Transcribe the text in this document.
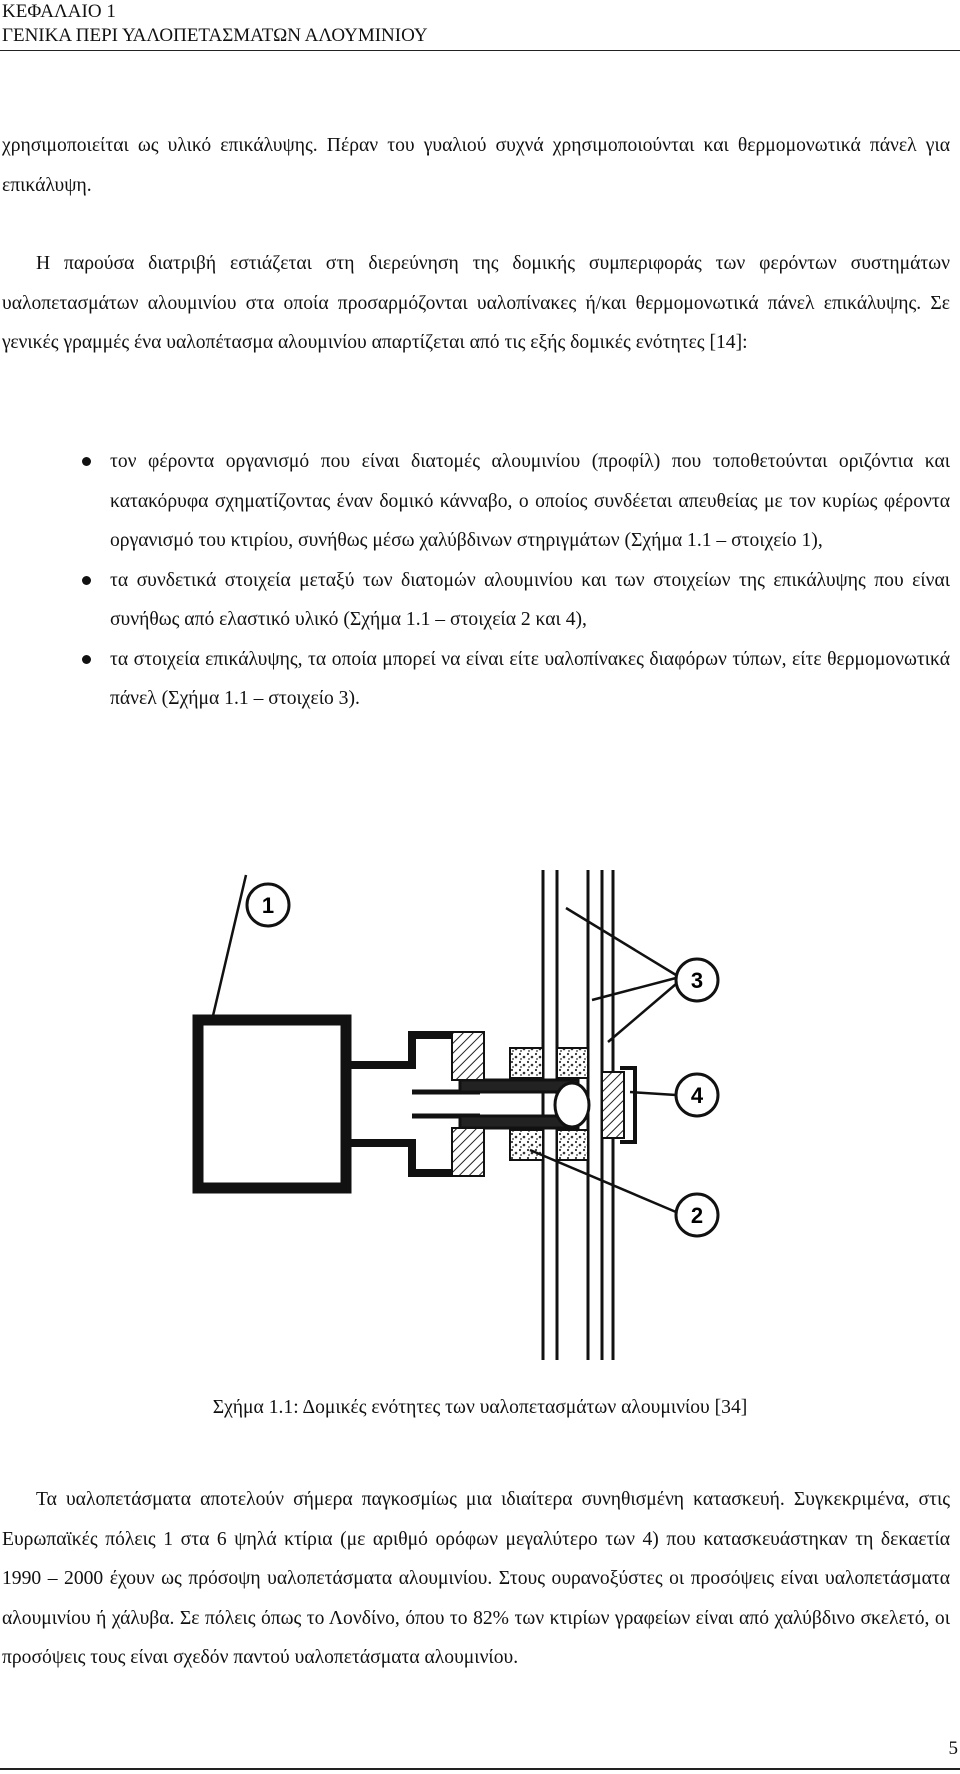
ΚΕΦΑΛΑΙΟ 1
ΓΕΝΙΚΑ ΠΕΡΙ ΥΑΛΟΠΕΤΑΣΜΑΤΩΝ ΑΛΟΥΜΙΝΙΟΥ

χρησιμοποιείται ως υλικό επικάλυψης. Πέραν του γυαλιού συχνά χρησιμοποιούνται και θερμομονωτικά πάνελ για επικάλυψη.

Η παρούσα διατριβή εστιάζεται στη διερεύνηση της δομικής συμπεριφοράς των φερόντων συστημάτων υαλοπετασμάτων αλουμινίου στα οποία προσαρμόζονται υαλοπίνακες ή/και θερμομονωτικά πάνελ επικάλυψης. Σε γενικές γραμμές ένα υαλοπέτασμα αλουμινίου απαρτίζεται από τις εξής δομικές ενότητες [14]:

τον φέροντα οργανισμό που είναι διατομές αλουμινίου (προφίλ) που τοποθετούνται οριζόντια και κατακόρυφα σχηματίζοντας έναν δομικό κάνναβο, ο οποίος συνδέεται απευθείας με τον κυρίως φέροντα οργανισμό του κτιρίου, συνήθως μέσω χαλύβδινων στηριγμάτων (Σχήμα 1.1 – στοιχείο 1),
τα συνδετικά στοιχεία μεταξύ των διατομών αλουμινίου και των στοιχείων της επικάλυψης που είναι συνήθως από ελαστικό υλικό (Σχήμα 1.1 – στοιχεία 2 και 4),
τα στοιχεία επικάλυψης, τα οποία μπορεί να είναι είτε υαλοπίνακες διαφόρων τύπων, είτε θερμομονωτικά πάνελ (Σχήμα 1.1 – στοιχείο 3).
1
3
4
2
Σχήμα 1.1: Δομικές ενότητες των υαλοπετασμάτων αλουμινίου [34]

Τα υαλοπετάσματα αποτελούν σήμερα παγκοσμίως μια ιδιαίτερα συνηθισμένη κατασκευή. Συγκεκριμένα, στις Ευρωπαϊκές πόλεις 1 στα 6 ψηλά κτίρια (με αριθμό ορόφων μεγαλύτερο των 4) που κατασκευάστηκαν τη δεκαετία 1990 – 2000 έχουν ως πρόσοψη υαλοπετάσματα αλουμινίου. Στους ουρανοξύστες οι προσόψεις είναι υαλοπετάσματα αλουμινίου ή χάλυβα. Σε πόλεις όπως το Λονδίνο, όπου το 82% των κτιρίων γραφείων είναι από χαλύβδινο σκελετό, οι προσόψεις τους είναι σχεδόν παντού υαλοπετάσματα αλουμινίου.

5
